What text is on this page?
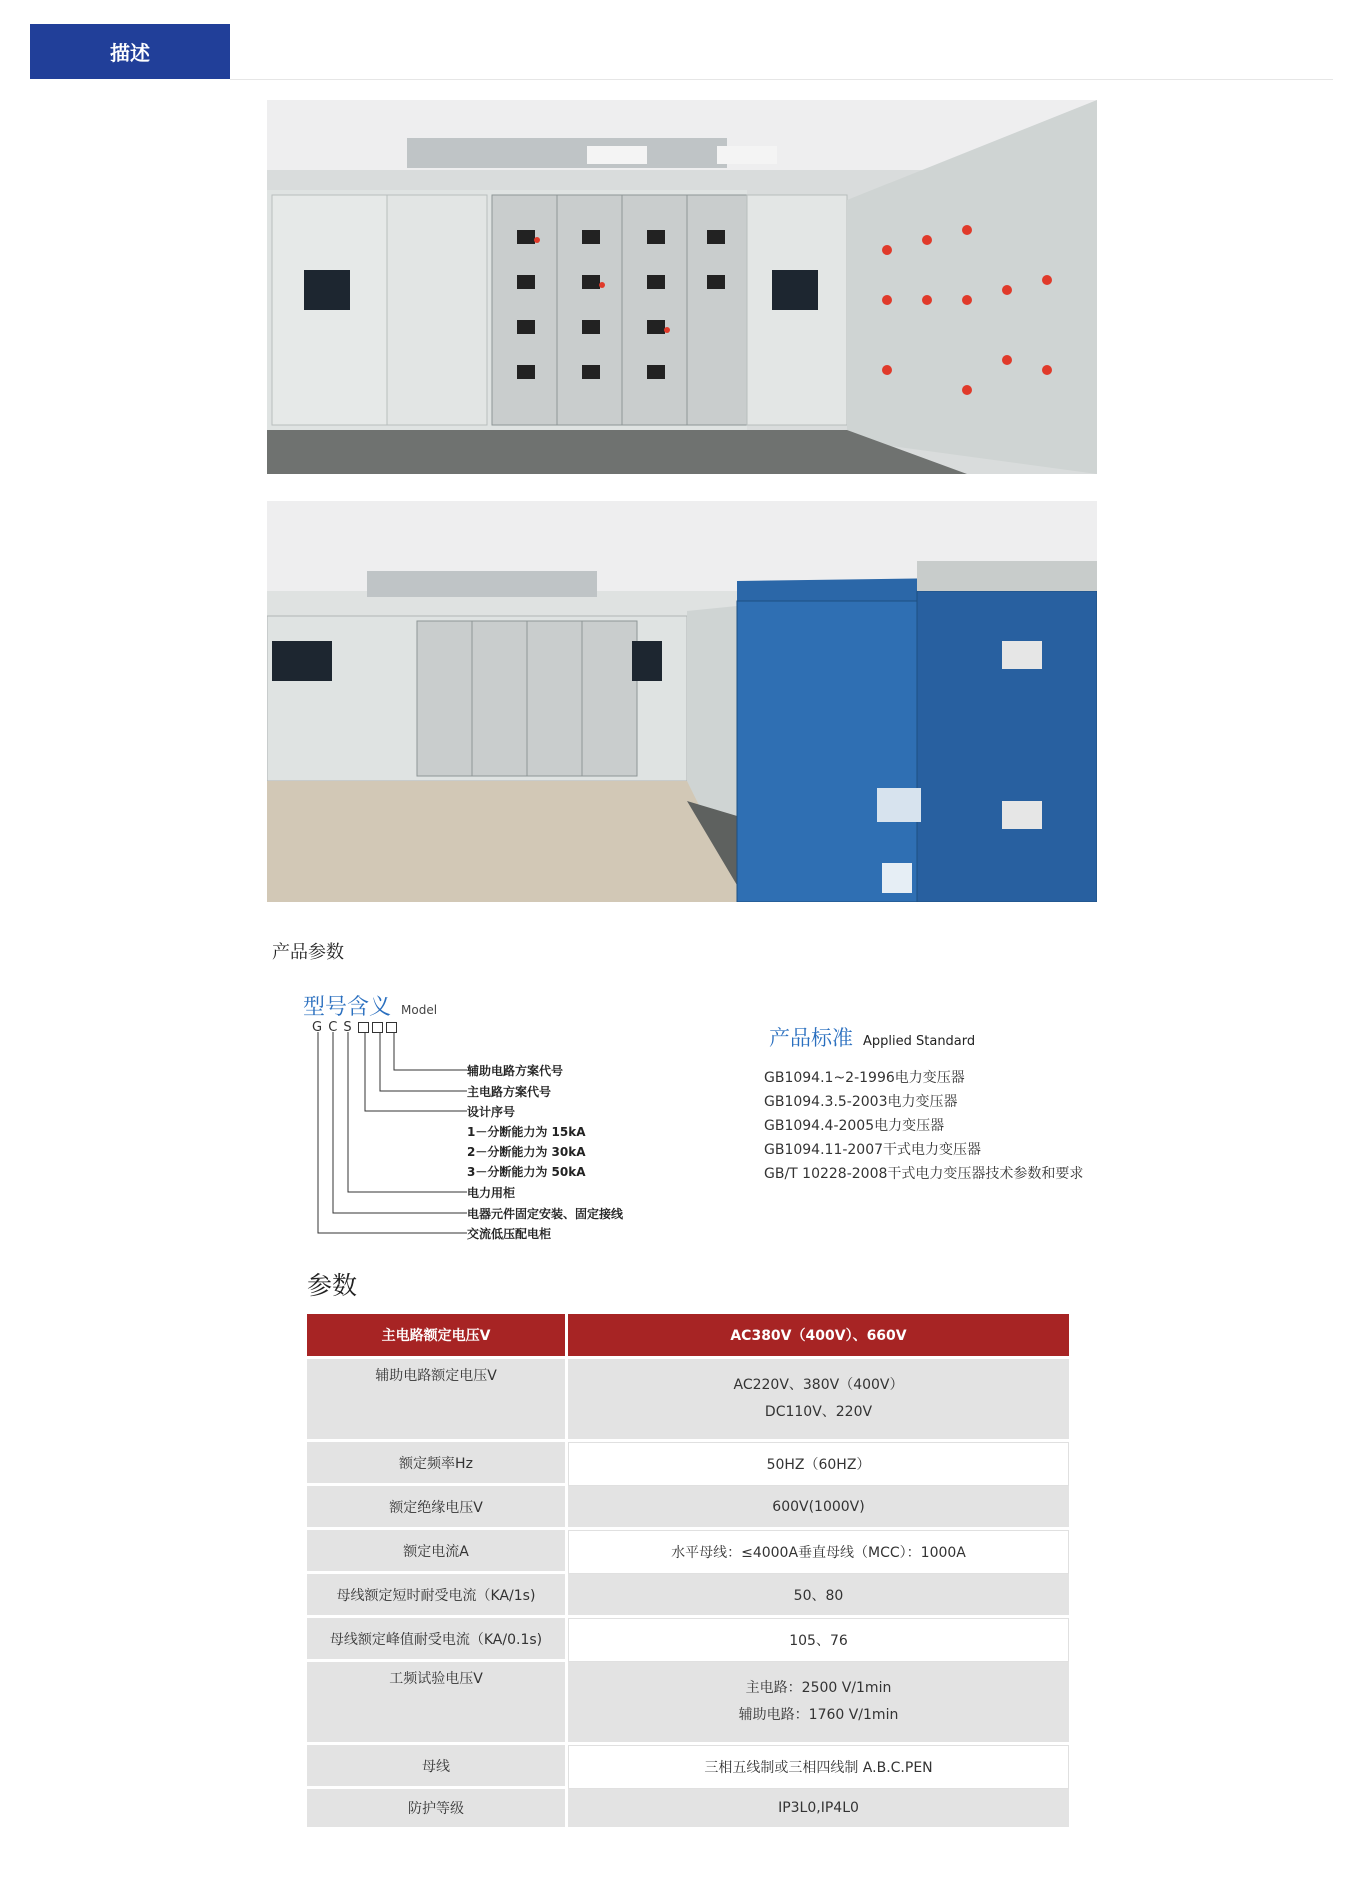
描述
产品参数
型号含义 Model
G C S
辅助电路方案代号
主电路方案代号
设计序号
1－分断能力为 15kA
2－分断能力为 30kA
3－分断能力为 50kA
电力用柜
电器元件固定安装、固定接线
交流低压配电柜
产品标准 Applied Standard
GB1094.1~2-1996电力变压器
GB1094.3.5-2003电力变压器
GB1094.4-2005电力变压器
GB1094.11-2007干式电力变压器
GB/T 10228-2008干式电力变压器技术参数和要求
参数
主电路额定电压V	AC380V（400V）、660V
辅助电路额定电压V	AC220V、380V（400V）
DC110V、220V

额定频率Hz	50HZ（60HZ）
额定绝缘电压V	600V(1000V)
额定电流A	水平母线：≤4000A垂直母线（MCC）：1000A
母线额定短时耐受电流（KA/1s)	50、80
母线额定峰值耐受电流（KA/0.1s)	105、76
工频试验电压V	主电路：2500 V/1min
辅助电路：1760 V/1min

母线	三相五线制或三相四线制 A.B.C.PEN
防护等级	IP3L0,IP4L0
